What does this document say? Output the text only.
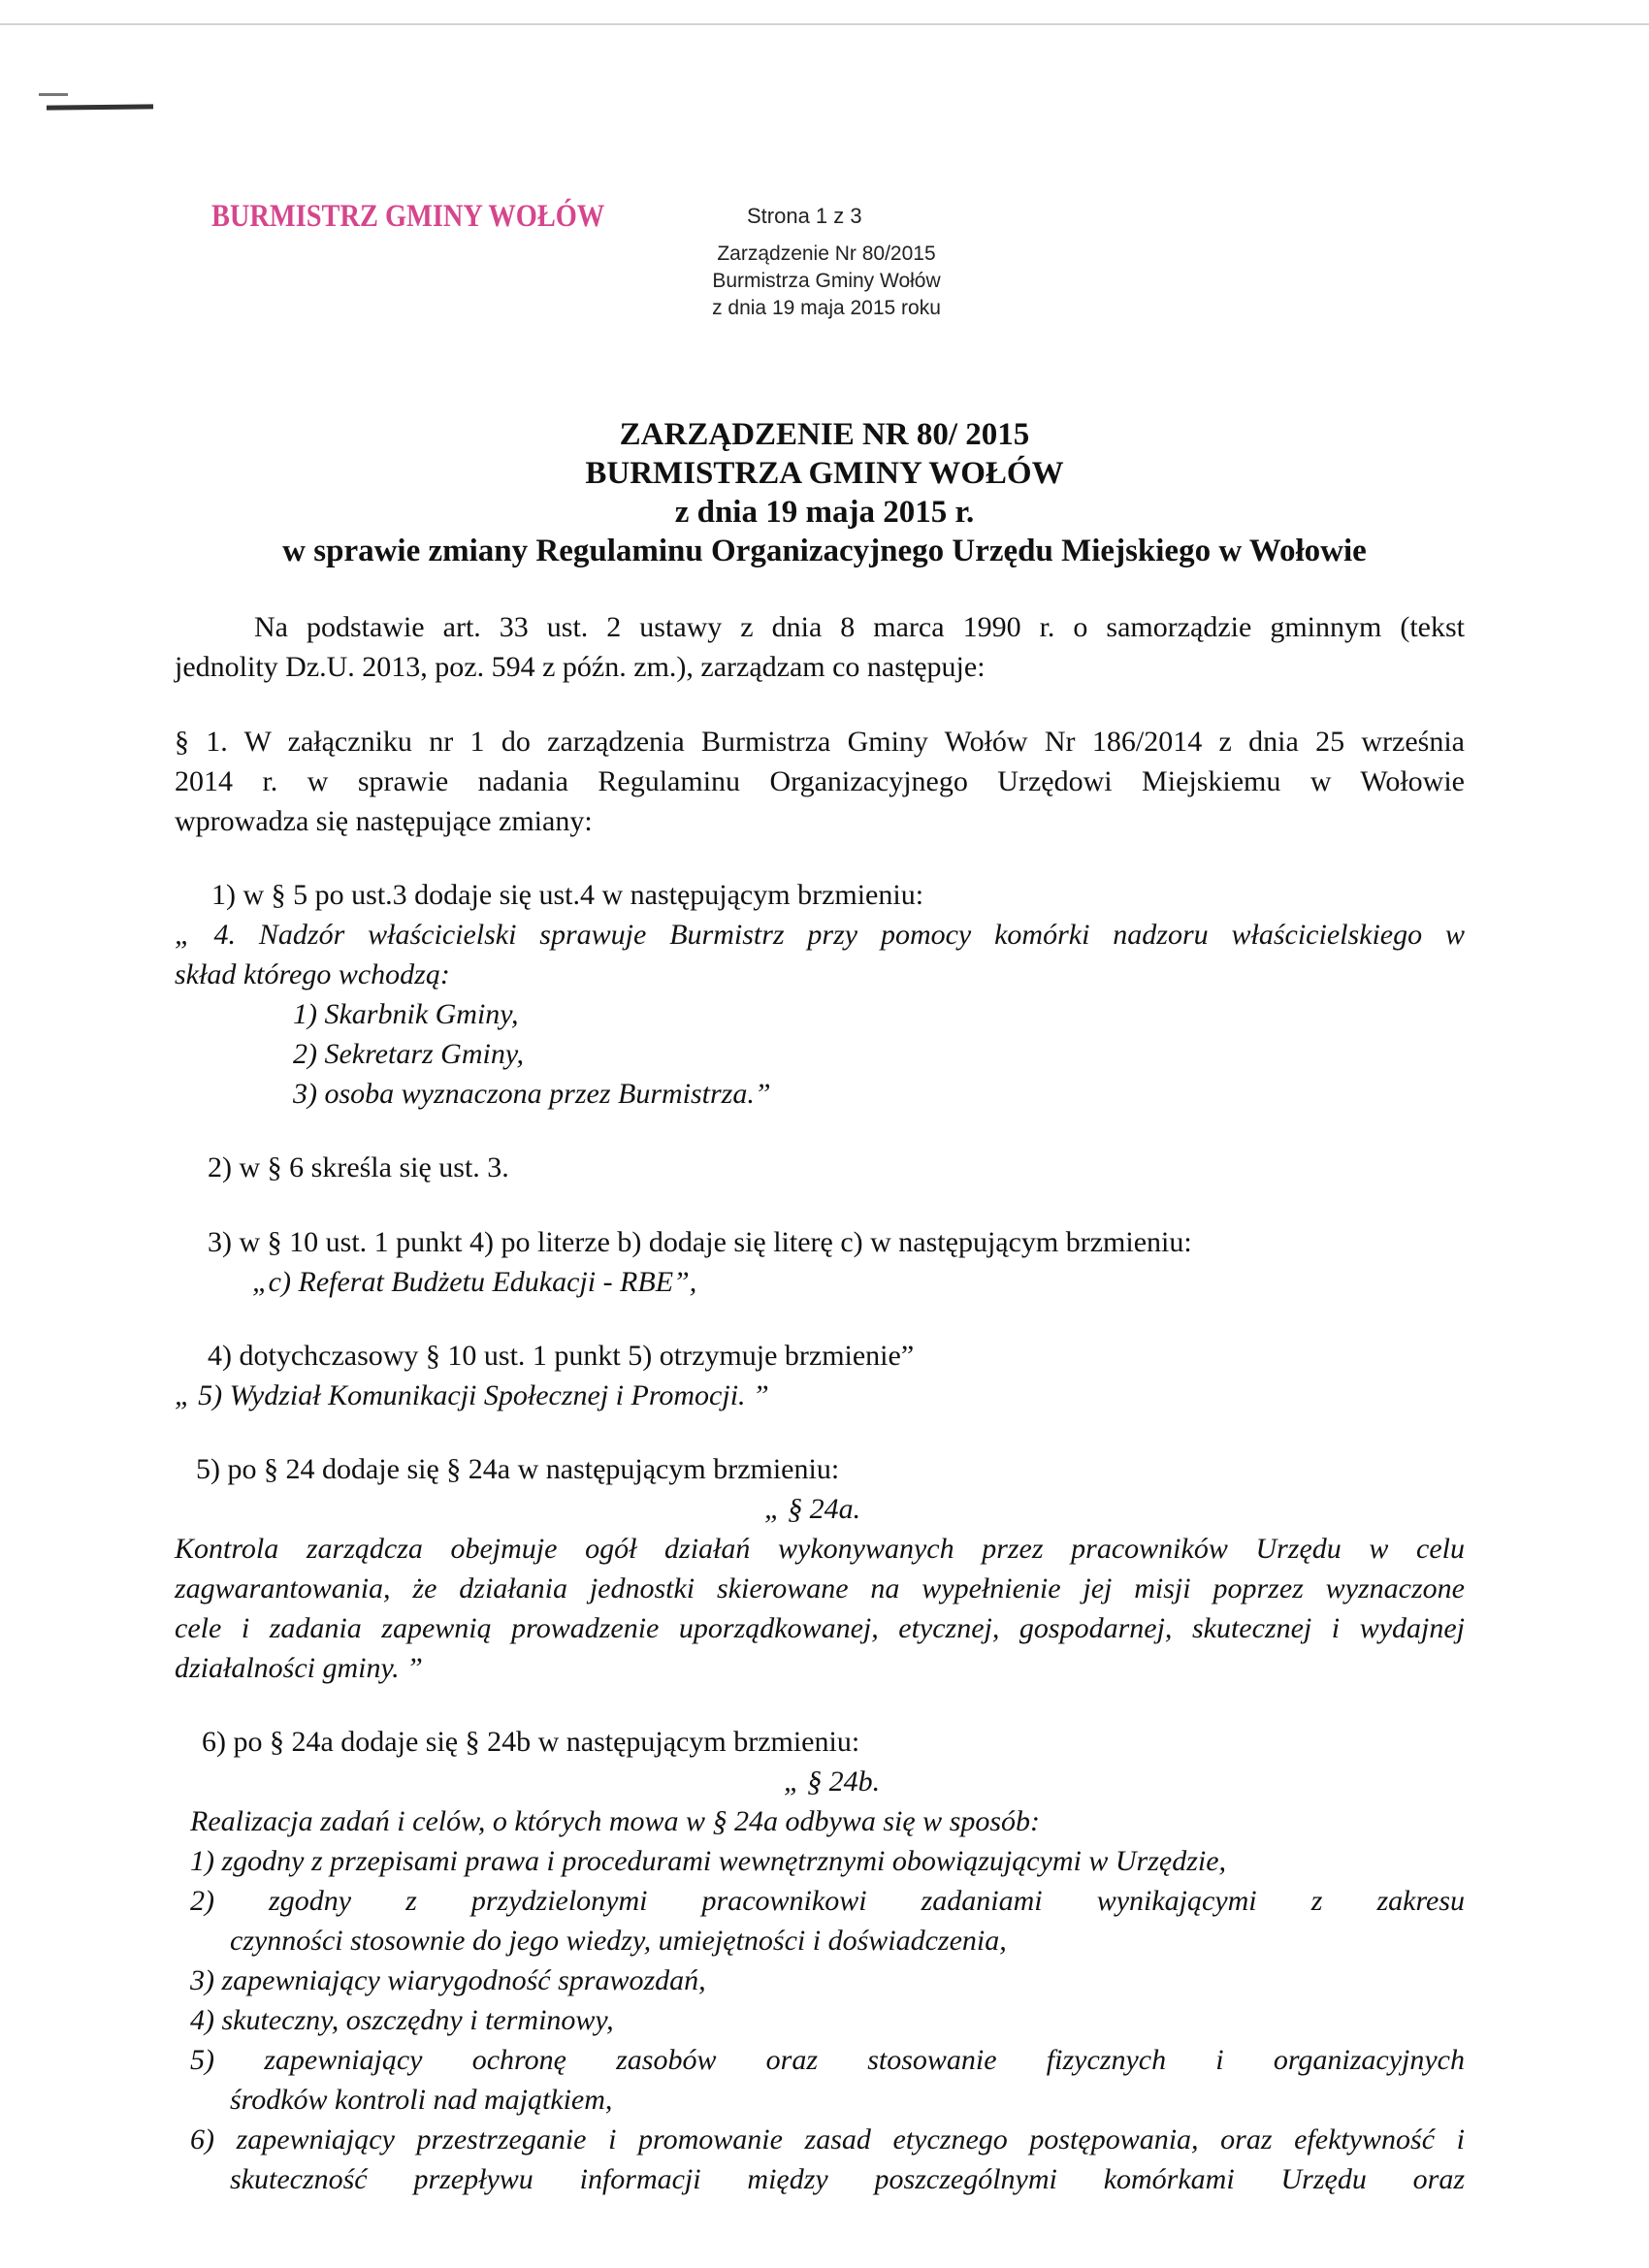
BURMISTRZ GMINY WOŁÓW	Strona 1 z 3
Zarządzenie Nr 80/2015
Burmistrza Gminy Wołów
z dnia 19 maja 2015 roku
ZARZĄDZENIE NR 80/ 2015
BURMISTRZA GMINY WOŁÓW
z dnia 19 maja 2015 r.
w sprawie zmiany Regulaminu Organizacyjnego Urzędu Miejskiego w Wołowie
Na podstawie art. 33 ust. 2 ustawy z dnia 8 marca 1990 r. o samorządzie gminnym (tekst
jednolity Dz.U. 2013, poz. 594 z późn. zm.), zarządzam co następuje:
§ 1. W załączniku nr 1 do zarządzenia Burmistrza Gminy Wołów Nr 186/2014 z dnia 25 września
2014 r. w sprawie nadania Regulaminu Organizacyjnego Urzędowi Miejskiemu w Wołowie
wprowadza się następujące zmiany:
1) w § 5 po ust.3 dodaje się ust.4 w następującym brzmieniu:
„ 4. Nadzór właścicielski sprawuje Burmistrz przy pomocy komórki nadzoru właścicielskiego w
skład którego wchodzą:
1) Skarbnik Gminy,
2) Sekretarz Gminy,
3) osoba wyznaczona przez Burmistrza.”
2) w § 6 skreśla się ust. 3.
3) w § 10 ust. 1 punkt 4) po literze b) dodaje się literę c) w następującym brzmieniu:
„c) Referat Budżetu Edukacji - RBE”,
4) dotychczasowy § 10 ust. 1 punkt 5) otrzymuje brzmienie”
„ 5) Wydział Komunikacji Społecznej i Promocji. ”
5) po § 24 dodaje się § 24a w następującym brzmieniu:
„ § 24a.
Kontrola zarządcza obejmuje ogół działań wykonywanych przez pracowników Urzędu w celu
zagwarantowania, że działania jednostki skierowane na wypełnienie jej misji poprzez wyznaczone
cele i zadania zapewnią prowadzenie uporządkowanej, etycznej, gospodarnej, skutecznej i wydajnej
działalności gminy. ”
6) po § 24a dodaje się § 24b w następującym brzmieniu:
„ § 24b.
Realizacja zadań i celów, o których mowa w § 24a odbywa się w sposób:
1) zgodny z przepisami prawa i procedurami wewnętrznymi obowiązującymi w Urzędzie,
2) zgodny z przydzielonymi pracownikowi zadaniami wynikającymi z zakresu
czynności stosownie do jego wiedzy, umiejętności i doświadczenia,
3) zapewniający wiarygodność sprawozdań,
4) skuteczny, oszczędny i terminowy,
5) zapewniający ochronę zasobów oraz stosowanie fizycznych i organizacyjnych
środków kontroli nad majątkiem,
6) zapewniający przestrzeganie i promowanie zasad etycznego postępowania, oraz efektywność i
skuteczność przepływu informacji między poszczególnymi komórkami Urzędu oraz
